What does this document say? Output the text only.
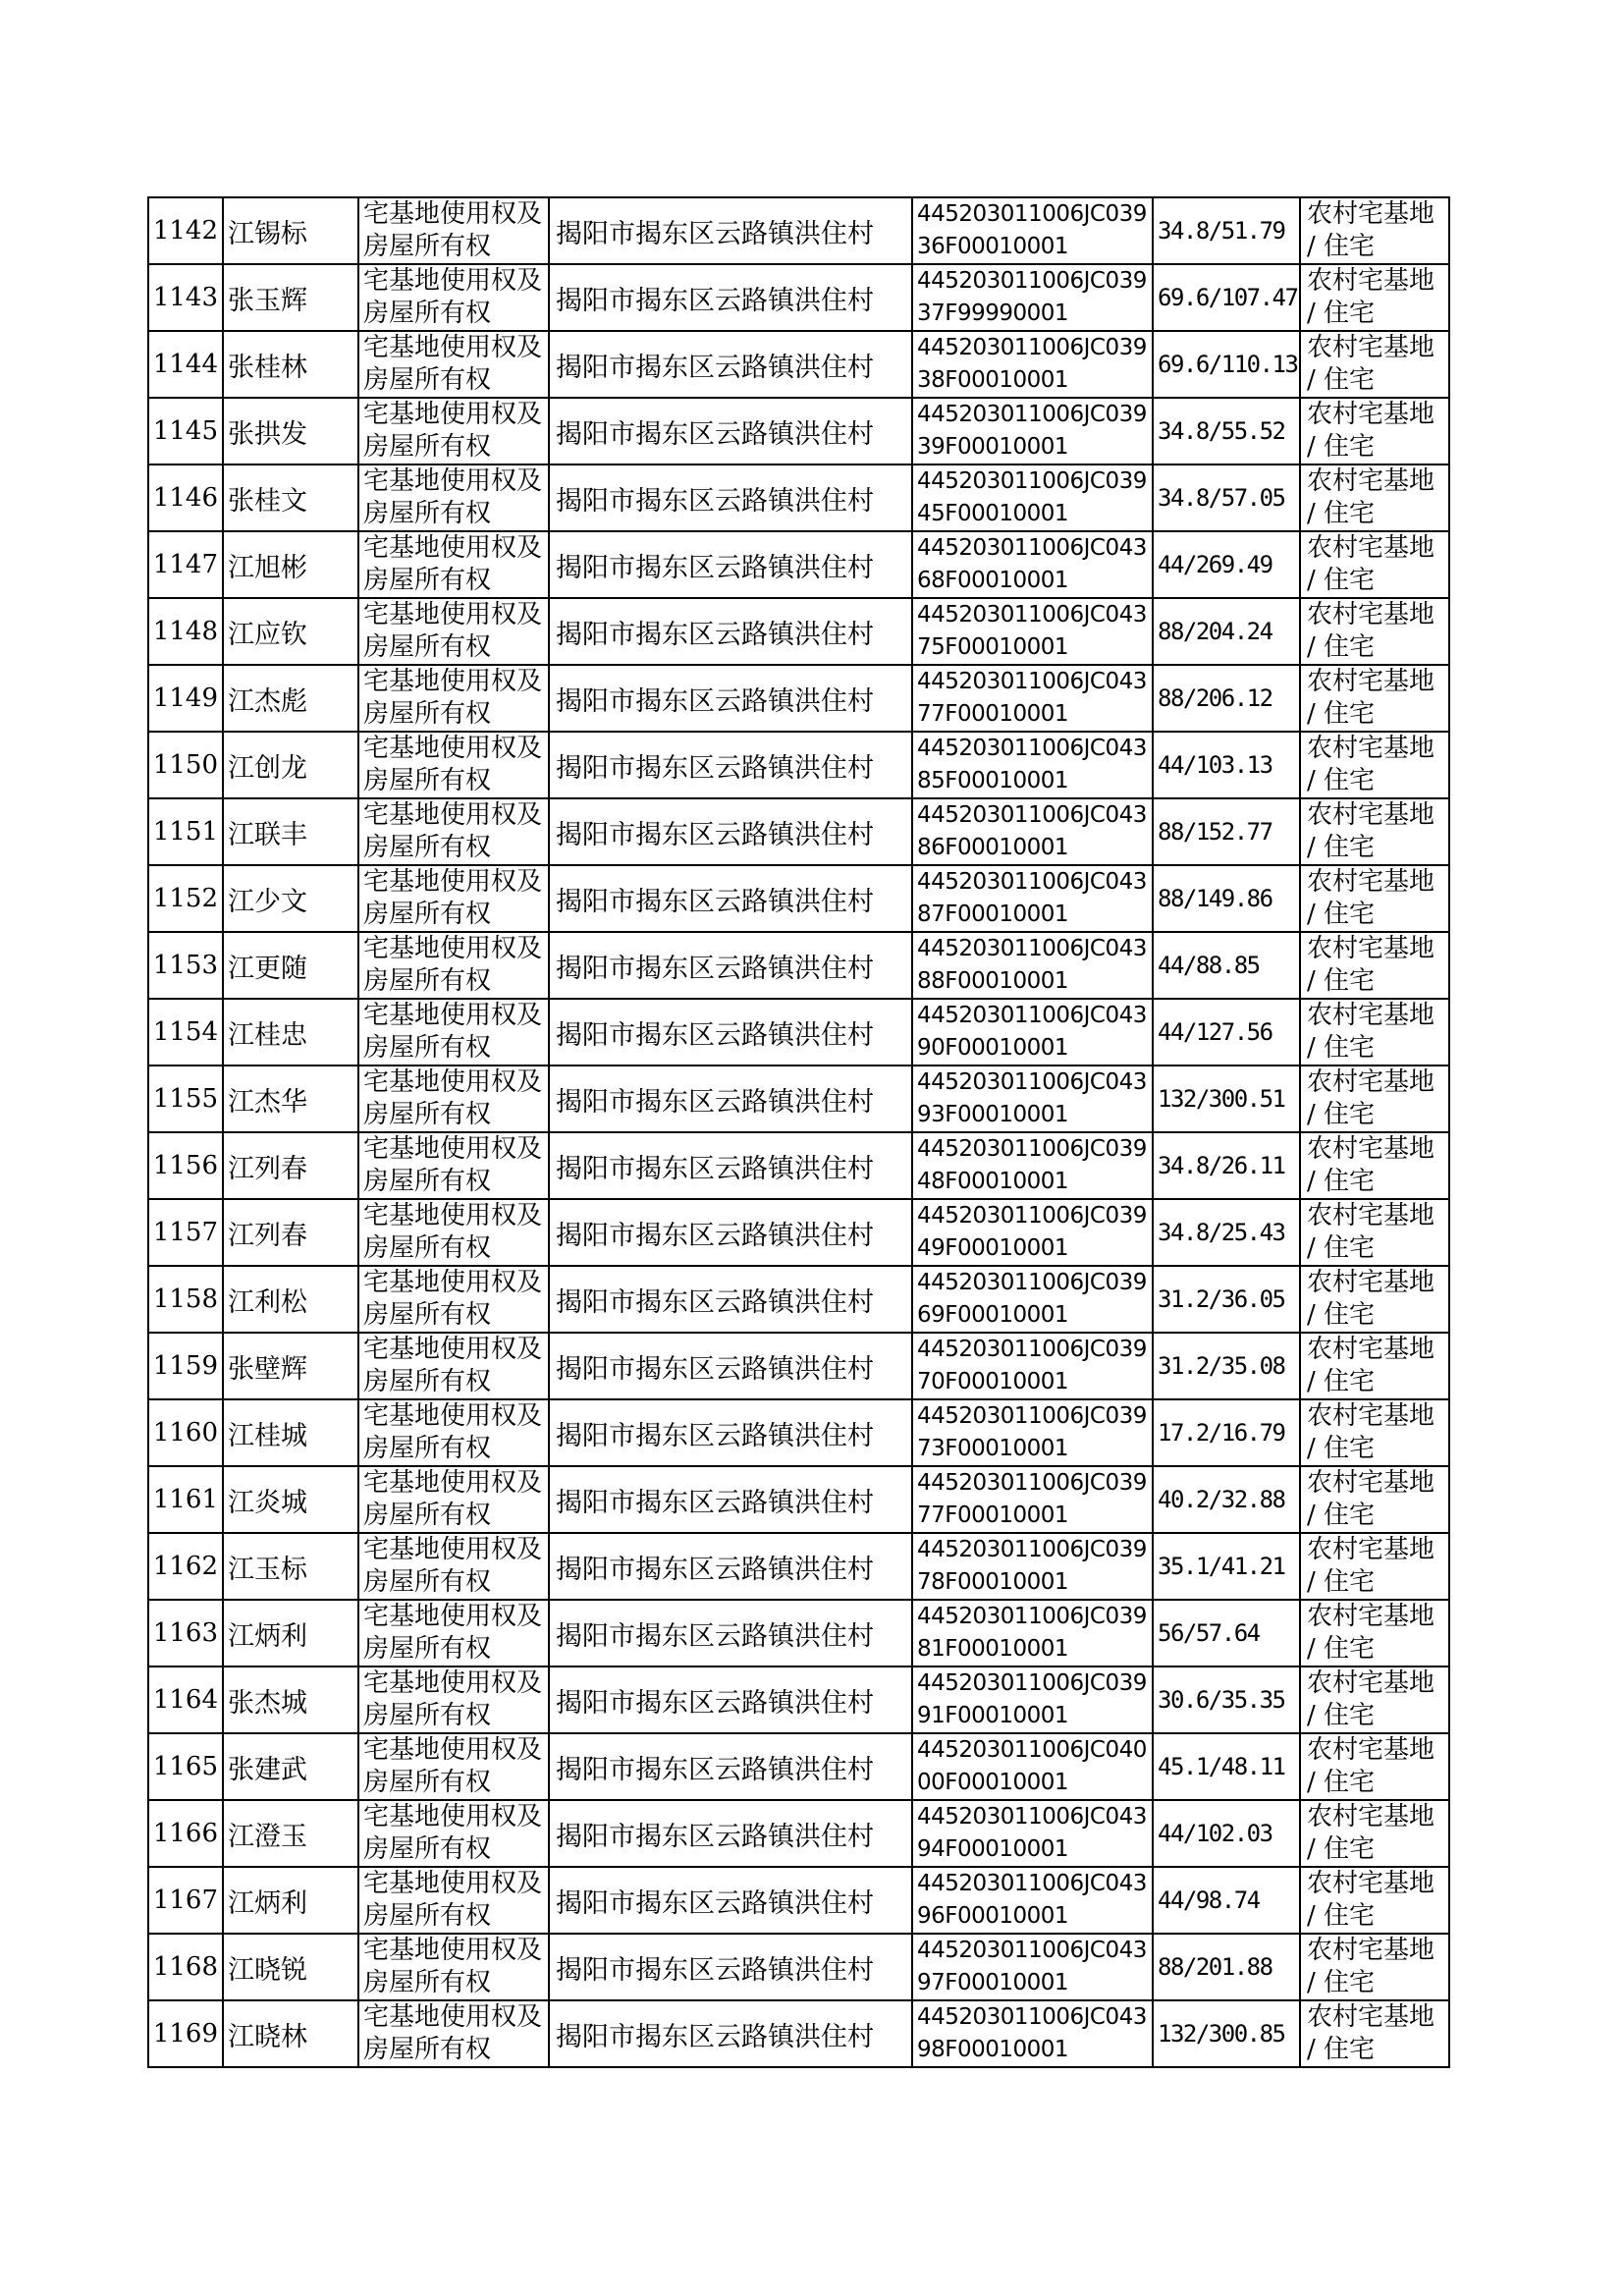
1142	江锡标	宅基地使用权及房屋所有权	揭阳市揭东区云路镇洪住村	445203011006JC03936F00010001	34.8/51.79	农村宅基地 / 住宅

1143	张玉辉	宅基地使用权及房屋所有权	揭阳市揭东区云路镇洪住村	445203011006JC03937F99990001	69.6/107.47	农村宅基地 / 住宅

1144	张桂林	宅基地使用权及房屋所有权	揭阳市揭东区云路镇洪住村	445203011006JC03938F00010001	69.6/110.13	农村宅基地 / 住宅

1145	张拱发	宅基地使用权及房屋所有权	揭阳市揭东区云路镇洪住村	445203011006JC03939F00010001	34.8/55.52	农村宅基地 / 住宅

1146	张桂文	宅基地使用权及房屋所有权	揭阳市揭东区云路镇洪住村	445203011006JC03945F00010001	34.8/57.05	农村宅基地 / 住宅

1147	江旭彬	宅基地使用权及房屋所有权	揭阳市揭东区云路镇洪住村	445203011006JC04368F00010001	44/269.49	农村宅基地 / 住宅

1148	江应钦	宅基地使用权及房屋所有权	揭阳市揭东区云路镇洪住村	445203011006JC04375F00010001	88/204.24	农村宅基地 / 住宅

1149	江杰彪	宅基地使用权及房屋所有权	揭阳市揭东区云路镇洪住村	445203011006JC04377F00010001	88/206.12	农村宅基地 / 住宅

1150	江创龙	宅基地使用权及房屋所有权	揭阳市揭东区云路镇洪住村	445203011006JC04385F00010001	44/103.13	农村宅基地 / 住宅

1151	江联丰	宅基地使用权及房屋所有权	揭阳市揭东区云路镇洪住村	445203011006JC04386F00010001	88/152.77	农村宅基地 / 住宅

1152	江少文	宅基地使用权及房屋所有权	揭阳市揭东区云路镇洪住村	445203011006JC04387F00010001	88/149.86	农村宅基地 / 住宅

1153	江更随	宅基地使用权及房屋所有权	揭阳市揭东区云路镇洪住村	445203011006JC04388F00010001	44/88.85	农村宅基地 / 住宅

1154	江桂忠	宅基地使用权及房屋所有权	揭阳市揭东区云路镇洪住村	445203011006JC04390F00010001	44/127.56	农村宅基地 / 住宅

1155	江杰华	宅基地使用权及房屋所有权	揭阳市揭东区云路镇洪住村	445203011006JC04393F00010001	132/300.51	农村宅基地 / 住宅

1156	江列春	宅基地使用权及房屋所有权	揭阳市揭东区云路镇洪住村	445203011006JC03948F00010001	34.8/26.11	农村宅基地 / 住宅

1157	江列春	宅基地使用权及房屋所有权	揭阳市揭东区云路镇洪住村	445203011006JC03949F00010001	34.8/25.43	农村宅基地 / 住宅

1158	江利松	宅基地使用权及房屋所有权	揭阳市揭东区云路镇洪住村	445203011006JC03969F00010001	31.2/36.05	农村宅基地 / 住宅

1159	张壁辉	宅基地使用权及房屋所有权	揭阳市揭东区云路镇洪住村	445203011006JC03970F00010001	31.2/35.08	农村宅基地 / 住宅

1160	江桂城	宅基地使用权及房屋所有权	揭阳市揭东区云路镇洪住村	445203011006JC03973F00010001	17.2/16.79	农村宅基地 / 住宅

1161	江炎城	宅基地使用权及房屋所有权	揭阳市揭东区云路镇洪住村	445203011006JC03977F00010001	40.2/32.88	农村宅基地 / 住宅

1162	江玉标	宅基地使用权及房屋所有权	揭阳市揭东区云路镇洪住村	445203011006JC03978F00010001	35.1/41.21	农村宅基地 / 住宅

1163	江炳利	宅基地使用权及房屋所有权	揭阳市揭东区云路镇洪住村	445203011006JC03981F00010001	56/57.64	农村宅基地 / 住宅

1164	张杰城	宅基地使用权及房屋所有权	揭阳市揭东区云路镇洪住村	445203011006JC03991F00010001	30.6/35.35	农村宅基地 / 住宅

1165	张建武	宅基地使用权及房屋所有权	揭阳市揭东区云路镇洪住村	445203011006JC04000F00010001	45.1/48.11	农村宅基地 / 住宅

1166	江澄玉	宅基地使用权及房屋所有权	揭阳市揭东区云路镇洪住村	445203011006JC04394F00010001	44/102.03	农村宅基地 / 住宅

1167	江炳利	宅基地使用权及房屋所有权	揭阳市揭东区云路镇洪住村	445203011006JC04396F00010001	44/98.74	农村宅基地 / 住宅

1168	江晓锐	宅基地使用权及房屋所有权	揭阳市揭东区云路镇洪住村	445203011006JC04397F00010001	88/201.88	农村宅基地 / 住宅

1169	江晓林	宅基地使用权及房屋所有权	揭阳市揭东区云路镇洪住村	445203011006JC04398F00010001	132/300.85	农村宅基地 / 住宅
